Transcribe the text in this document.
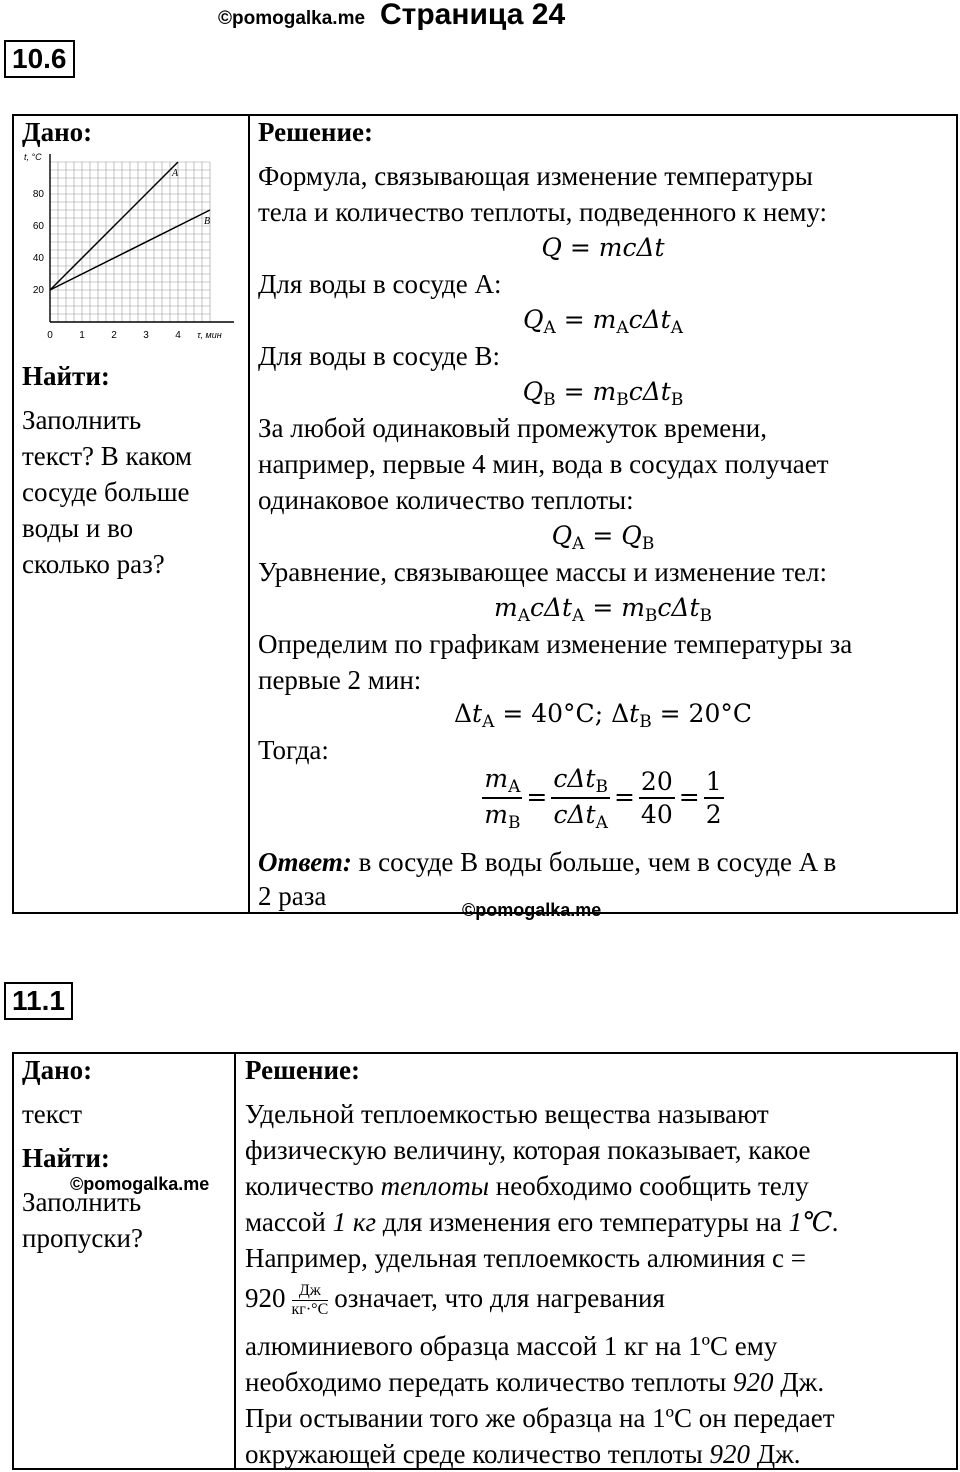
©pomogalka.me Страница 24
10.6
Дано:
0	1	2	3	4
20
40
60
80
τ, мин
t, °C
A
B
Найти:
Заполнить
текст? В каком
сосуде больше
воды и во
сколько раз?
Решение:
Формула, связывающая изменение температуры
тела и количество теплоты, подведенного к нему:
Q = mcΔt
Для воды в сосуде A:
$Q_A = m_Ac\Delta t_A$
Для воды в сосуде B:
$Q_B = m_Bc\Delta t_B$
За любой одинаковый промежуток времени,
например, первые 4 мин, вода в сосудах получает
одинаковое количество теплоты:
$Q_A = Q_B$
Уравнение, связывающее массы и изменение тел:
$m_Ac\Delta t_A = m_Bc\Delta t_B$
Определим по графикам изменение температуры за
первые 2 мин:
$\Delta t_A = 40^\circ C$; $\Delta t_B = 20^\circ C$
Тогда:
$\frac{m_A}{m_B} = \frac{c\Delta t_B}{c\Delta t_A} = \frac{20}{40} = \frac{1}{2}$
Ответ: в сосуде B воды больше, чем в сосуде A в
2 раза	©pomogalka.me
11.1
Дано:
текст
Найти:
Заполнить
пропуски?
©pomogalka.me
Решение:
Удельной теплоемкостью вещества называют
физическую величину, которая показывает, какое
количество теплоты необходимо сообщить телу
массой 1 кг для изменения его температуры на 1℃.
Например, удельная теплоемкость алюминия с =
$920 \frac{Дж}{кг\cdot^\circ C}$ означает, что для нагревания
алюминиевого образца массой 1 кг на 1ºC ему
необходимо передать количество теплоты 920 Дж.
При остывании того же образца на 1ºC он передает
окружающей среде количество теплоты 920 Дж.
